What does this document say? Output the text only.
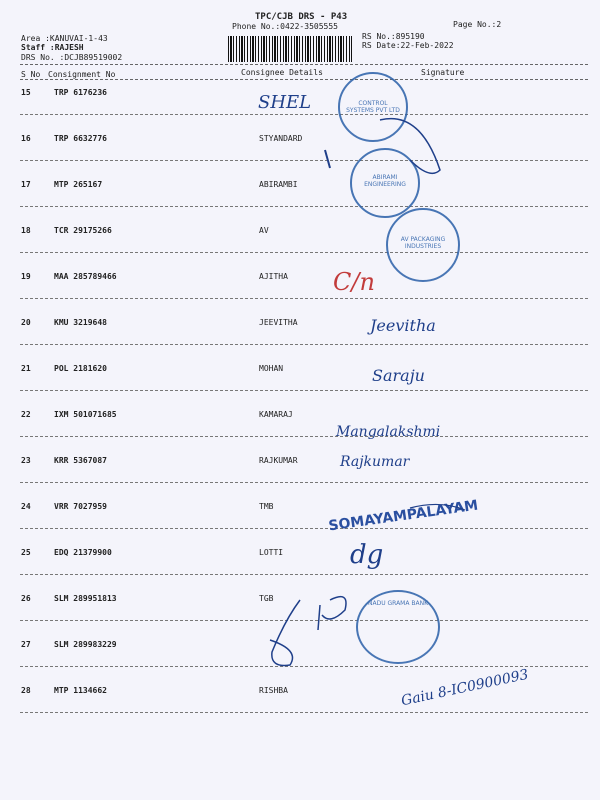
TPC/CJB DRS - P43
Phone No.:0422-3505555	Page No.:2
Area :KANUVAI-1-43
Staff :RAJESH
DRS No. :DCJB89519002
RS No.:895190
RS Date:22-Feb-2022
S No Consignment No	Consignee Details	Signature
15	TRP 6176236
16	TRP 6632776	STYANDARD
17	MTP 265167	ABIRAMBI
18	TCR 29175266	AV
19	MAA 285789466	AJITHA
20	KMU 3219648	JEEVITHA
21	POL 2181620	MOHAN
22	IXM 501071685	KAMARAJ
23	KRR 5367087	RAJKUMAR
24	VRR 7027959	TMB
25	EDQ 21379900	LOTTI
26	SLM 289951813	TGB
27	SLM 289983229
28	MTP 1134662	RISHBA
CONTROL SYSTEMS PVT LTD
ABIRAMI ENGINEERING
AV PACKAGING INDUSTRIES
NADU GRAMA BANK
SOMAYAMPALAYAM
SHEL
C/n
Jeevitha
Saraju
Mangalakshmi
Rajkumar
dg
Gaiu 8-IC0900093
